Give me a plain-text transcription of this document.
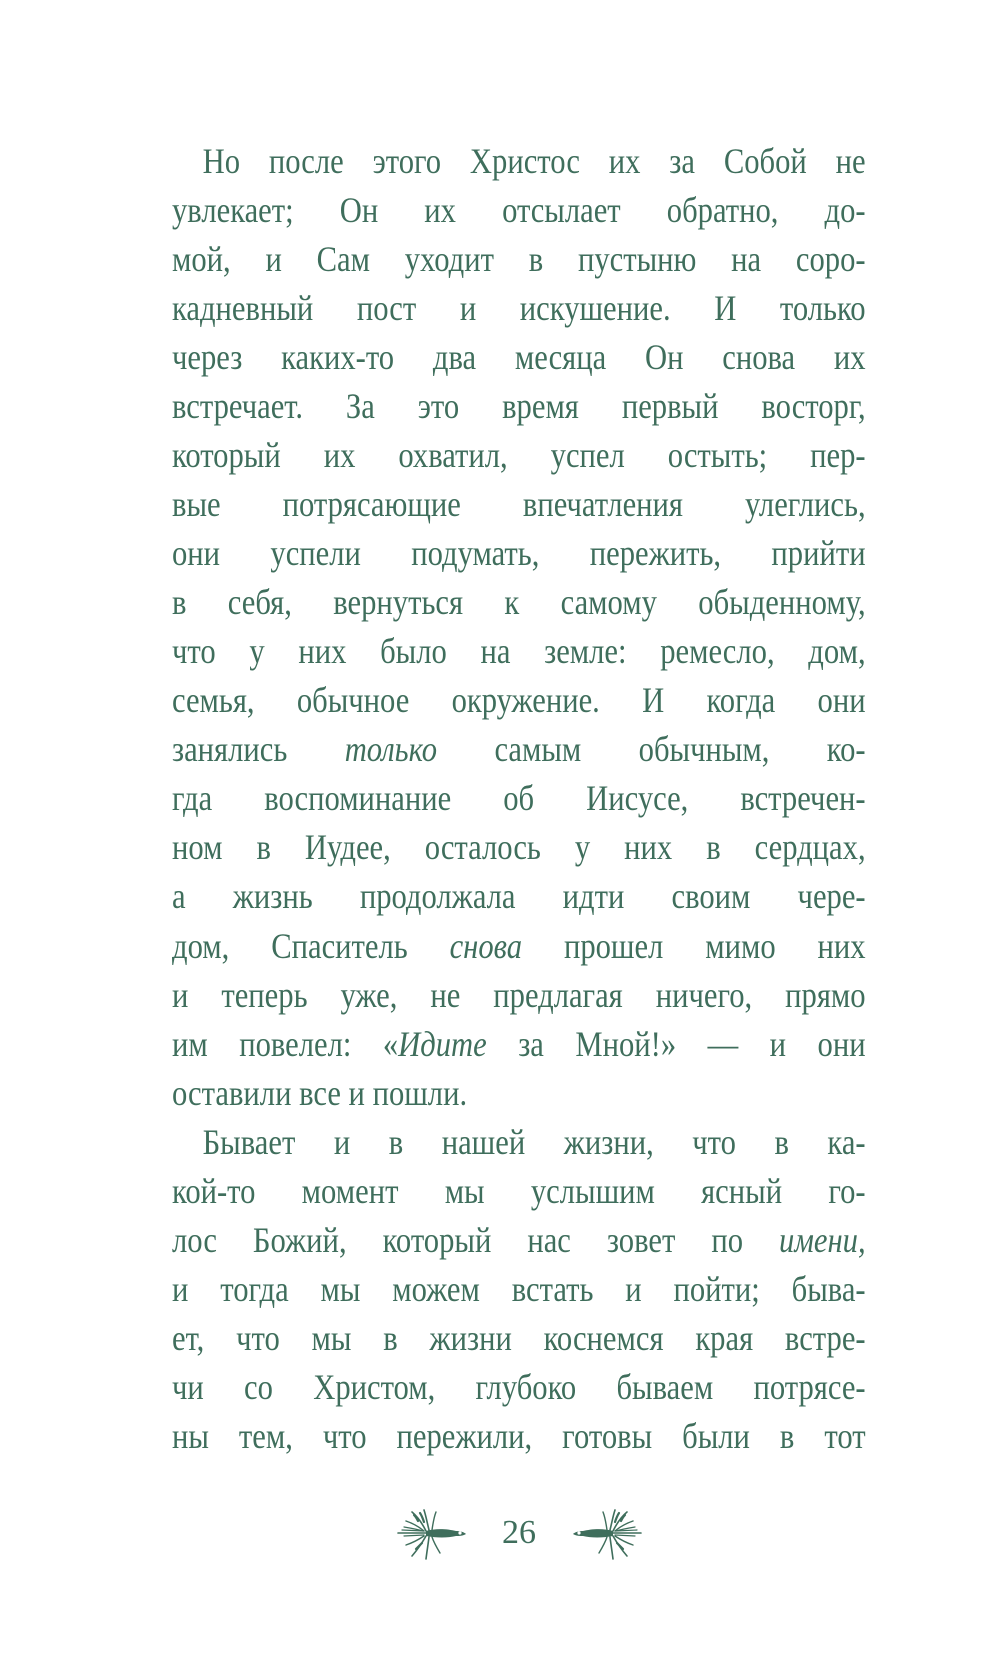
Но после этого Христос их за Собой не
увлекает; Он их отсылает обратно, до-
мой, и Сам уходит в пустыню на соро-
кадневный пост и искушение. И только
через каких-то два месяца Он снова их
встречает. За это время первый восторг,
который их охватил, успел остыть; пер-
вые потрясающие впечатления улеглись,
они успели подумать, пережить, прийти
в себя, вернуться к самому обыденному,
что у них было на земле: ремесло, дом,
семья, обычное окружение. И когда они
занялись только самым обычным, ко-
гда воспоминание об Иисусе, встречен-
ном в Иудее, осталось у них в сердцах,
а жизнь продолжала идти своим чере-
дом, Спаситель снова прошел мимо них
и теперь уже, не предлагая ничего, прямо
им повелел: «Идите за Мной!» — и они
оставили все и пошли.
Бывает и в нашей жизни, что в ка-
кой-то момент мы услышим ясный го-
лос Божий, который нас зовет по имени,
и тогда мы можем встать и пойти; быва-
ет, что мы в жизни коснемся края встре-
чи со Христом, глубоко бываем потрясе-
ны тем, что пережили, готовы были в тот
26
